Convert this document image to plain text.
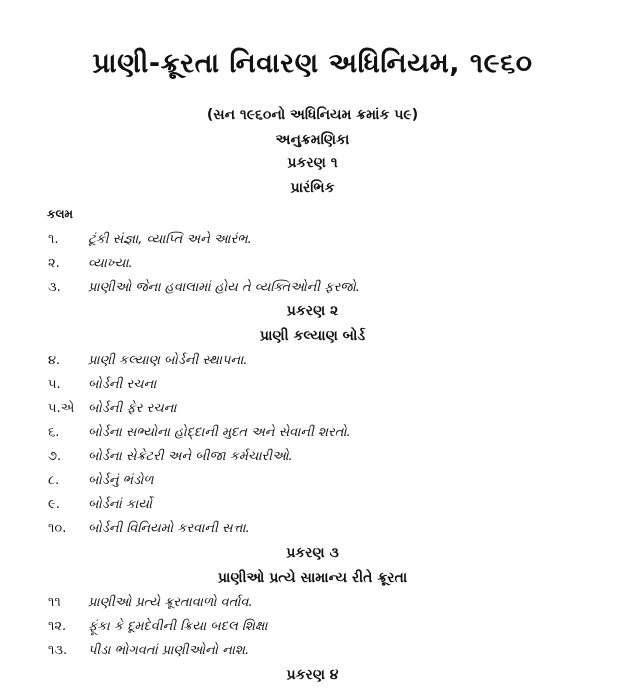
પ્રાણી-ક્રૂરતા નિવારણ અધિનિયમ, ૧૯૬૦
(સન ૧૯૬૦નો અધિનિયમ ક્રમાંક ૫૯)
અનુક્રમણિકા
પ્રકરણ ૧
પ્રારંભિક
કલમ
૧. ટૂંકી સંજ્ઞા, વ્યાપ્તિ અને આરંભ.
૨. વ્યાખ્યા.
૩. પ્રાણીઓ જેના હવાલામાં હોય તે વ્યક્તિઓની ફરજો.
પ્રકરણ ૨
પ્રાણી કલ્યાણ બોર્ડ
૪. પ્રાણી કલ્યાણ બોર્ડની સ્થાપના.
૫. બોર્ડની રચના
૫.એ બોર્ડની ફેર રચના
૬. બોર્ડના સભ્યોના હોદ્દાની મુદત અને સેવાની શરતો.
૭. બોર્ડના સેક્રેટરી અને બીજા કર્મચારીઓ.
૮. બોર્ડનું ભંડોળ
૯. બોર્ડનાં કાર્યો
૧૦. બોર્ડની વિનિયમો કરવાની સત્તા.
પ્રકરણ ૩
પ્રાણીઓ પ્રત્યે સામાન્ય રીતે ક્રૂરતા
૧૧ પ્રાણીઓ પ્રત્યે ક્રૂરતાવાળો વર્તાવ.
૧૨. ફૂંકા કે દૂમદેવીની ક્રિયા બદલ શિક્ષા
૧૩. પીડા ભોગવતાં પ્રાણીઓનો નાશ.
પ્રકરણ ૪
